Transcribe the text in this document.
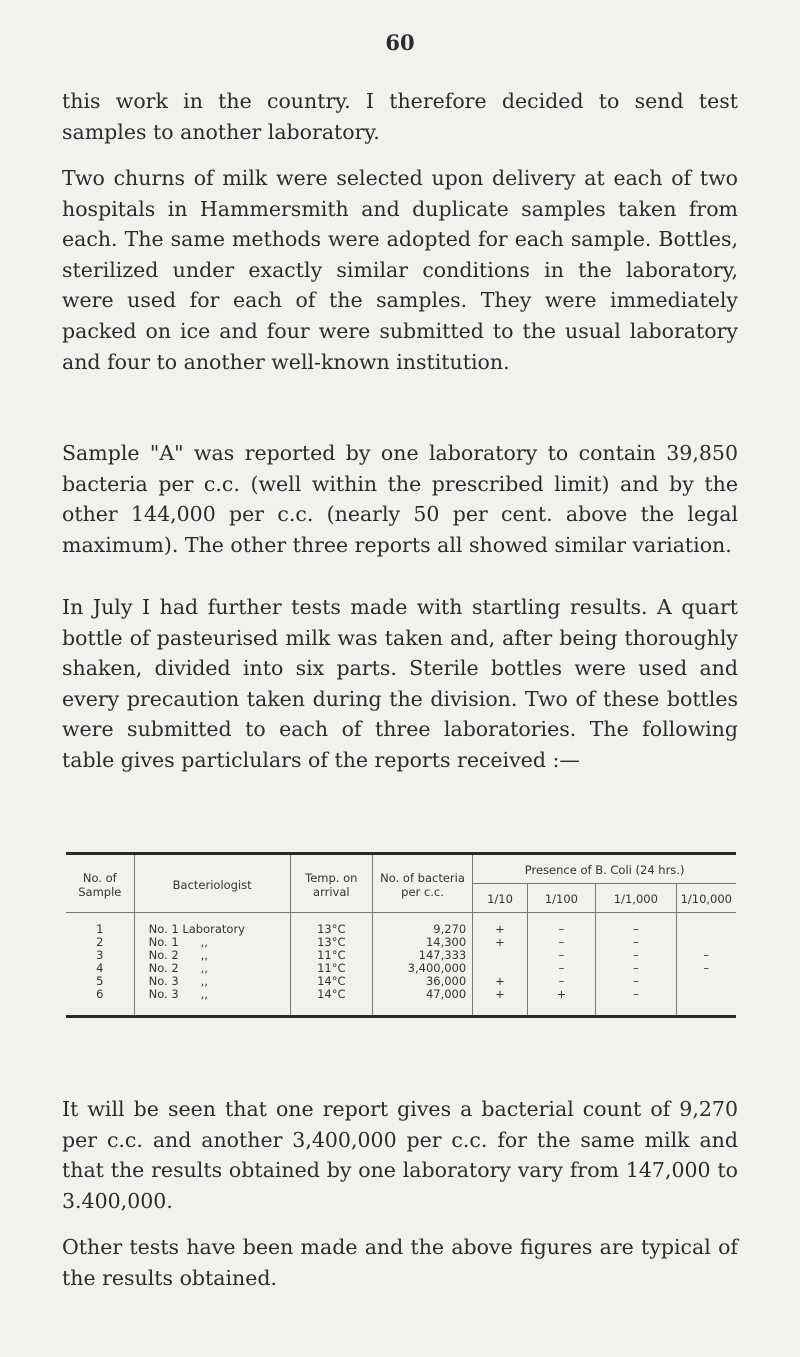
60

this work in the country. I therefore decided to send test samples to another laboratory.

Two churns of milk were selected upon delivery at each of two hospitals in Hammersmith and duplicate samples taken from each. The same methods were adopted for each sample. Bottles, sterilized under exactly similar conditions in the laboratory, were used for each of the samples. They were immediately packed on ice and four were submitted to the usual laboratory and four to another well-known institution.

Sample "A" was reported by one laboratory to contain 39,850 bacteria per c.c. (well within the prescribed limit) and by the other 144,000 per c.c. (nearly 50 per cent. above the legal maximum). The other three reports all showed similar variation.

In July I had further tests made with startling results. A quart bottle of pasteurised milk was taken and, after being thoroughly shaken, divided into six parts. Sterile bottles were used and every precaution taken during the division. Two of these bottles were submitted to each of three laboratories. The following table gives particlulars of the reports received :—

No. of Sample	Bacteriologist	Temp. on arrival	No. of bacteria per c.c.	Presence of B. Coli (24 hrs.)			
				1/10	1/100	1/1,000	1/10,000
1	No. 1 Laboratory	13°C	9,270	+	–	–	
2	No. 1      ,,	13°C	14,300	+	–	–	
3	No. 2      ,,	11°C	147,333		–	–	–
4	No. 2      ,,	11°C	3,400,000		–	–	–
5	No. 3      ,,	14°C	36,000	+	–	–	
6	No. 3      ,,	14°C	47,000	+	+	–	

It will be seen that one report gives a bacterial count of 9,270 per c.c. and another 3,400,000 per c.c. for the same milk and that the results obtained by one laboratory vary from 147,000 to 3.400,000.

Other tests have been made and the above figures are typical of the results obtained.
